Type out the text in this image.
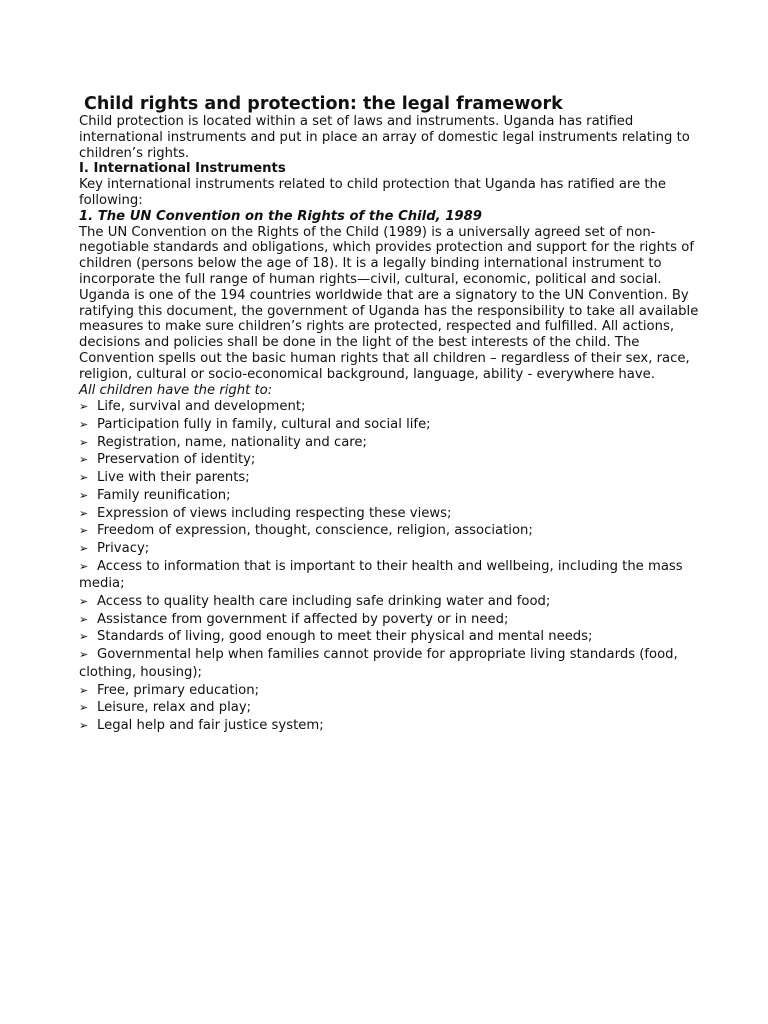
Child rights and protection: the legal framework

Child protection is located within a set of laws and instruments. Uganda has ratified international instruments and put in place an array of domestic legal instruments relating to children’s rights.

I. International Instruments

Key international instruments related to child protection that Uganda has ratified are the following:

1. The UN Convention on the Rights of the Child, 1989

The UN Convention on the Rights of the Child (1989) is a universally agreed set of non-negotiable standards and obligations, which provides protection and support for the rights of children (persons below the age of 18). It is a legally binding international instrument to incorporate the full range of human rights—civil, cultural, economic, political and social. Uganda is one of the 194 countries worldwide that are a signatory to the UN Convention. By ratifying this document, the government of Uganda has the responsibility to take all available measures to make sure children’s rights are protected, respected and fulfilled. All actions, decisions and policies shall be done in the light of the best interests of the child. The Convention spells out the basic human rights that all children – regardless of their sex, race, religion, cultural or socio-economical background, language, ability - everywhere have.

All children have the right to:
➢ Life, survival and development;
➢ Participation fully in family, cultural and social life;
➢ Registration, name, nationality and care;
➢ Preservation of identity;
➢ Live with their parents;
➢ Family reunification;
➢ Expression of views including respecting these views;
➢ Freedom of expression, thought, conscience, religion, association;
➢ Privacy;
➢ Access to information that is important to their health and wellbeing, including the mass media;
➢ Access to quality health care including safe drinking water and food;
➢ Assistance from government if affected by poverty or in need;
➢ Standards of living, good enough to meet their physical and mental needs;
➢ Governmental help when families cannot provide for appropriate living standards (food, clothing, housing);
➢ Free, primary education;
➢ Leisure, relax and play;
➢ Legal help and fair justice system;
